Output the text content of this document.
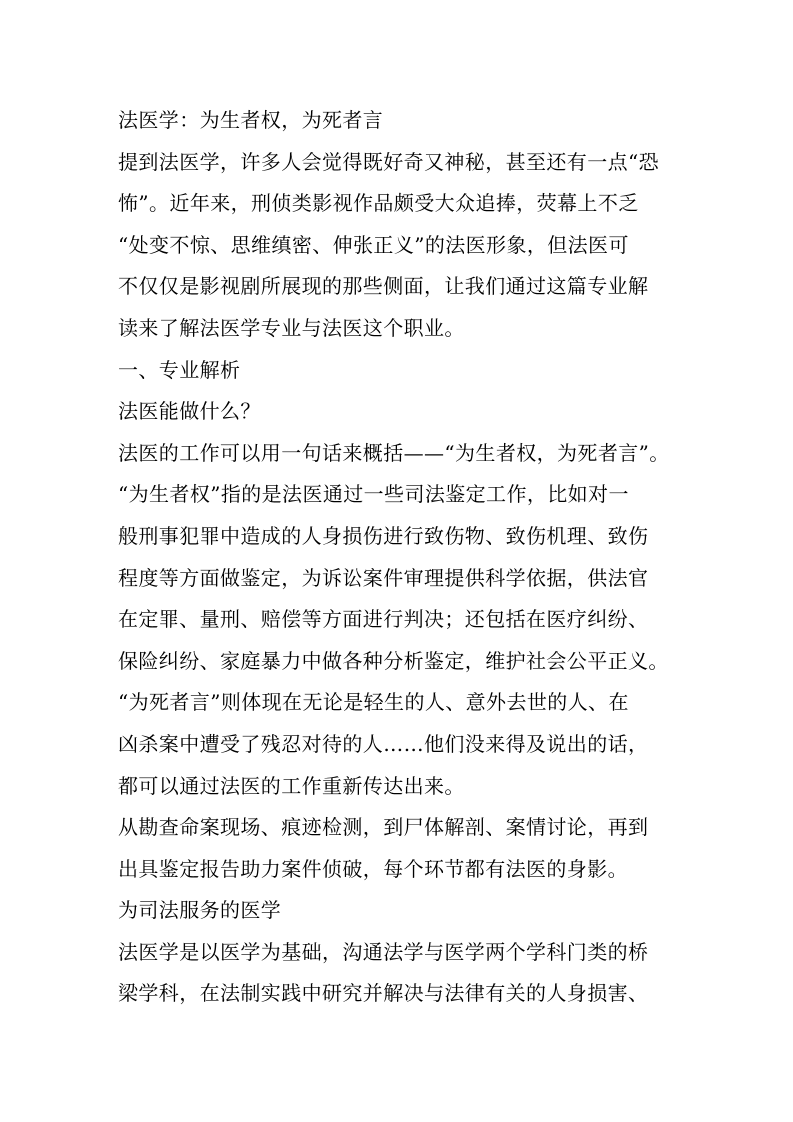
法医学：为生者权，为死者言
提到法医学，许多人会觉得既好奇又神秘，甚至还有一点“恐
怖”。近年来，刑侦类影视作品颇受大众追捧，荧幕上不乏
“处变不惊、思维缜密、伸张正义”的法医形象，但法医可
不仅仅是影视剧所展现的那些侧面，让我们通过这篇专业解
读来了解法医学专业与法医这个职业。
一、专业解析
法医能做什么？
法医的工作可以用一句话来概括——“为生者权，为死者言”。
“为生者权”指的是法医通过一些司法鉴定工作，比如对一
般刑事犯罪中造成的人身损伤进行致伤物、致伤机理、致伤
程度等方面做鉴定，为诉讼案件审理提供科学依据，供法官
在定罪、量刑、赔偿等方面进行判决；还包括在医疗纠纷、
保险纠纷、家庭暴力中做各种分析鉴定，维护社会公平正义。
“为死者言”则体现在无论是轻生的人、意外去世的人、在
凶杀案中遭受了残忍对待的人……他们没来得及说出的话，
都可以通过法医的工作重新传达出来。
从勘查命案现场、痕迹检测，到尸体解剖、案情讨论，再到
出具鉴定报告助力案件侦破，每个环节都有法医的身影。
为司法服务的医学
法医学是以医学为基础，沟通法学与医学两个学科门类的桥
梁学科，在法制实践中研究并解决与法律有关的人身损害、
